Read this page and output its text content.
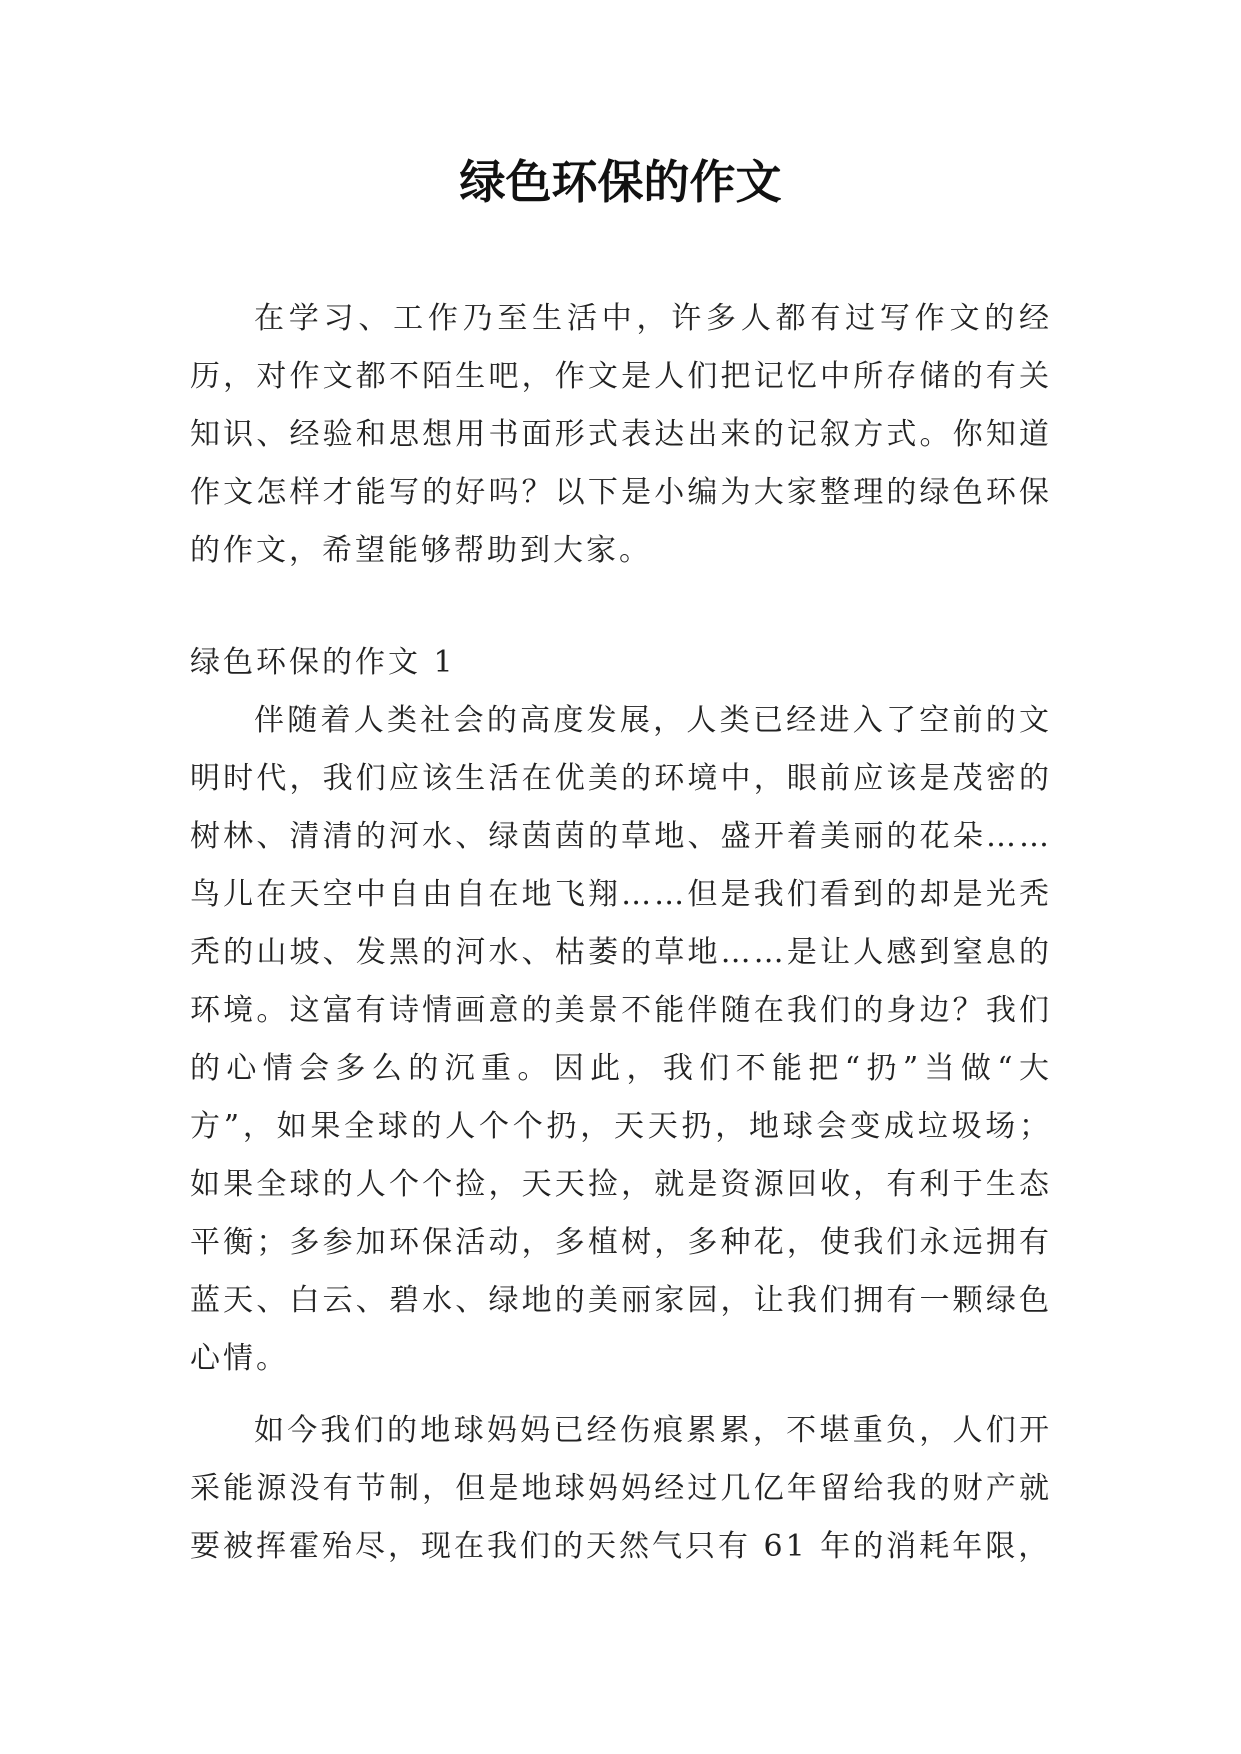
绿色环保的作文

在学习、工作乃至生活中，许多人都有过写作文的经历，对作文都不陌生吧，作文是人们把记忆中所存储的有关知识、经验和思想用书面形式表达出来的记叙方式。你知道作文怎样才能写的好吗？以下是小编为大家整理的绿色环保的作文，希望能够帮助到大家。

绿色环保的作文 1

伴随着人类社会的高度发展，人类已经进入了空前的文明时代，我们应该生活在优美的环境中，眼前应该是茂密的树林、清清的河水、绿茵茵的草地、盛开着美丽的花朵……鸟儿在天空中自由自在地飞翔……但是我们看到的却是光秃秃的山坡、发黑的河水、枯萎的草地……是让人感到窒息的环境。这富有诗情画意的美景不能伴随在我们的身边？我们的心情会多么的沉重。因此，我们不能把“扔”当做“大方”，如果全球的人个个扔，天天扔，地球会变成垃圾场；如果全球的人个个捡，天天捡，就是资源回收，有利于生态平衡；多参加环保活动，多植树，多种花，使我们永远拥有蓝天、白云、碧水、绿地的美丽家园，让我们拥有一颗绿色心情。

如今我们的地球妈妈已经伤痕累累，不堪重负，人们开采能源没有节制，但是地球妈妈经过几亿年留给我的财产就要被挥霍殆尽，现在我们的天然气只有 61 年的消耗年限，
